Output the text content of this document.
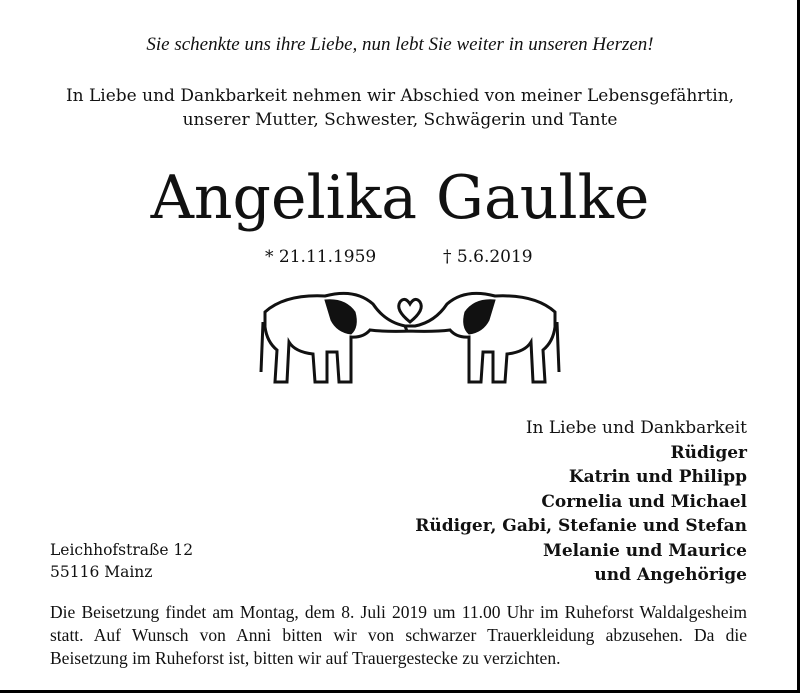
Sie schenkte uns ihre Liebe, nun lebt Sie weiter in unseren Herzen!
In Liebe und Dankbarkeit nehmen wir Abschied von meiner Lebensgefährtin,
unserer Mutter, Schwester, Schwägerin und Tante
Angelika Gaulke
* 21.11.1959	† 5.6.2019
In Liebe und Dankbarkeit
Rüdiger
Katrin und Philipp
Cornelia und Michael
Rüdiger, Gabi, Stefanie und Stefan
Melanie und Maurice
und Angehörige
Leichhofstraße 12
55116 Mainz
Die Beisetzung findet am Montag, dem 8. Juli 2019 um 11.00 Uhr im Ruheforst Waldalgesheim statt. Auf Wunsch von Anni bitten wir von schwarzer Trauerkleidung abzusehen. Da die Beisetzung im Ruheforst ist, bitten wir auf Trauergestecke zu verzichten.
